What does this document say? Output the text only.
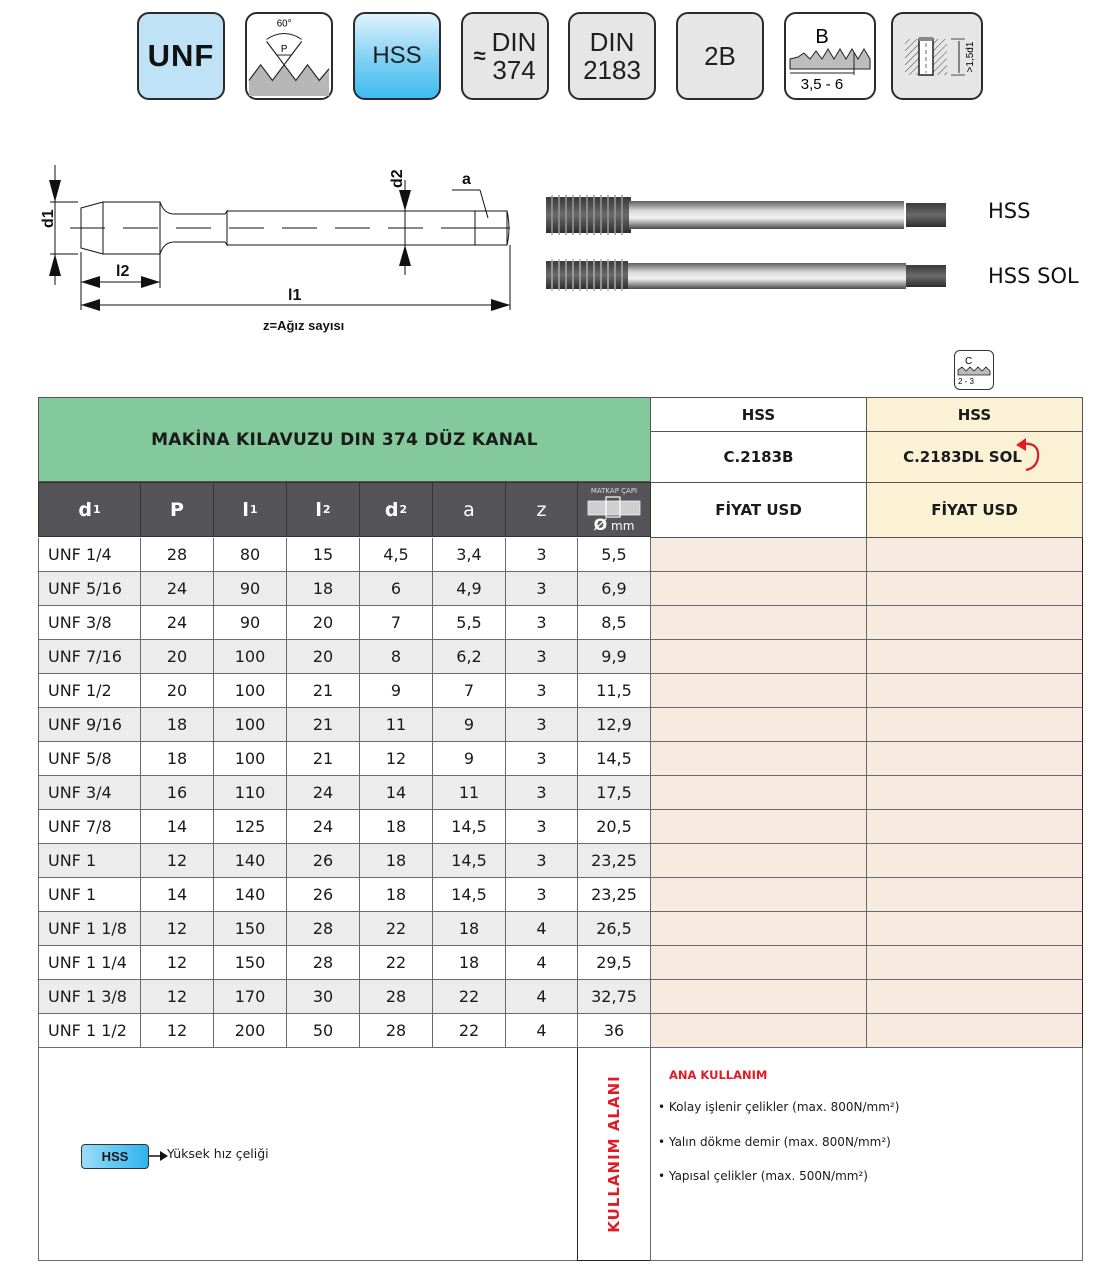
UNF
60°
P	HSS ≈ DIN
374
DIN
2183 2B
B
3,5 - 6
>1,5d1
d1
d2
l2
l1
a
z=Ağız sayısı
HSS
HSS SOL
C
2 - 3
MAKİNA KILAVUZU DIN 374 DÜZ KANAL
HSS	HSS
C.2183B	C.2183DL SOL
FİYAT USD	FİYAT USD
d 1	P	l 1	l 2	d 2	a	z
MATKAP ÇAPI
Ø mm
UNF 1/4	28	80	15	4,5	3,4	3	5,5
UNF 5/16	24	90	18	6	4,9	3	6,9
UNF 3/8	24	90	20	7	5,5	3	8,5
UNF 7/16	20	100	20	8	6,2	3	9,9
UNF 1/2	20	100	21	9	7	3	11,5
UNF 9/16	18	100	21	11	9	3	12,9
UNF 5/8	18	100	21	12	9	3	14,5
UNF 3/4	16	110	24	14	11	3	17,5
UNF 7/8	14	125	24	18	14,5	3	20,5
UNF 1	12	140	26	18	14,5	3	23,25
UNF 1	14	140	26	18	14,5	3	23,25
UNF 1 1/8	12	150	28	22	18	4	26,5
UNF 1 1/4	12	150	28	22	18	4	29,5
UNF 1 3/8	12	170	30	28	22	4	32,75
UNF 1 1/2	12	200	50	28	22	4	36
HSS	Yüksek hız çeliği	KULLANIM ALANI
ANA KULLANIM
• Kolay işlenir çelikler (max. 800N/mm²)
• Yalın dökme demir (max. 800N/mm²)
• Yapısal çelikler (max. 500N/mm²)
